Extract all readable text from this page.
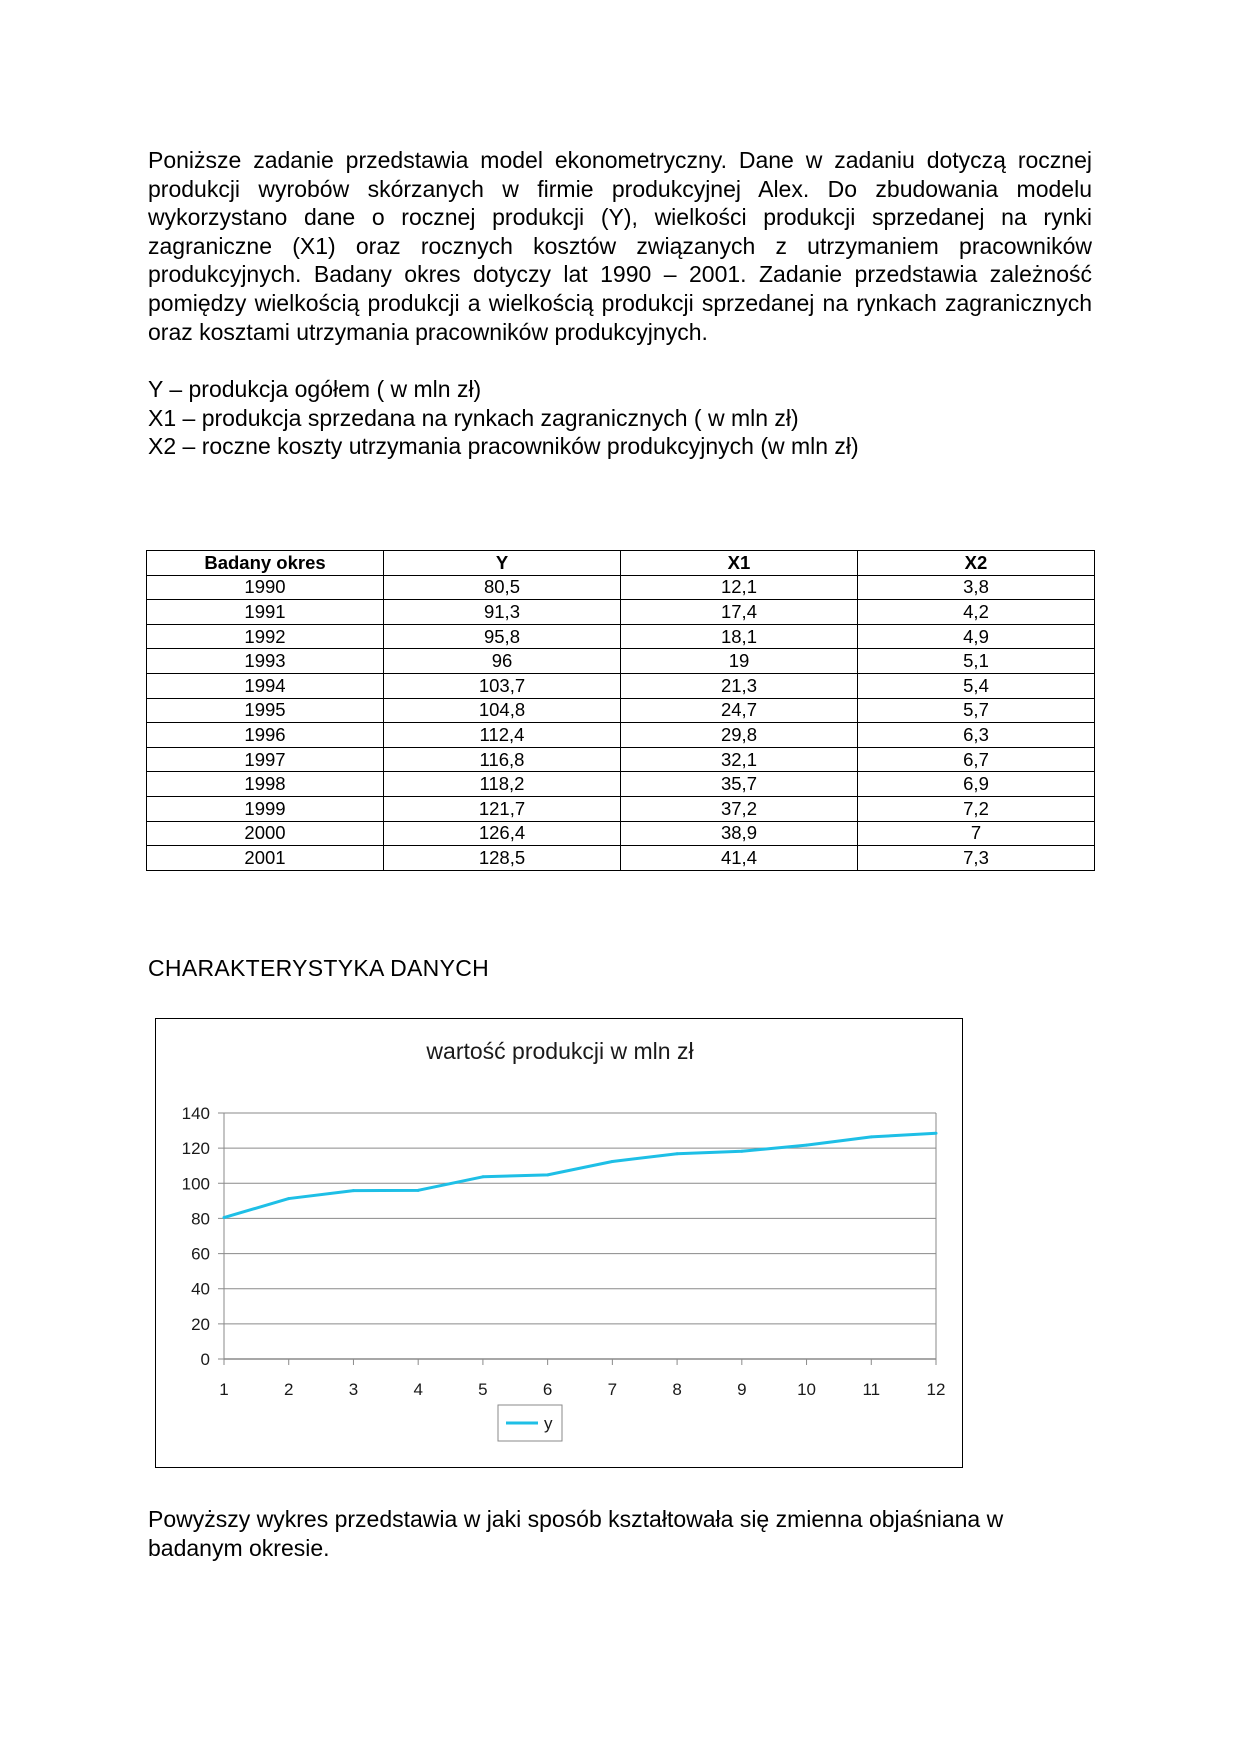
Poniższe zadanie przedstawia model ekonometryczny. Dane w zadaniu dotyczą rocznej produkcji wyrobów skórzanych w firmie produkcyjnej Alex. Do zbudowania modelu wykorzystano dane o rocznej produkcji (Y), wielkości produkcji sprzedanej na rynki zagraniczne (X1) oraz rocznych kosztów związanych z utrzymaniem pracowników produkcyjnych. Badany okres dotyczy lat 1990 – 2001. Zadanie przedstawia zależność pomiędzy wielkością produkcji a wielkością produkcji sprzedanej na rynkach zagranicznych oraz kosztami utrzymania pracowników produkcyjnych.

Y – produkcja ogółem ( w mln zł)
X1 – produkcja sprzedana na rynkach zagranicznych ( w mln zł)
X2 – roczne koszty utrzymania pracowników produkcyjnych (w mln zł)
Badany okres	Y	X1	X2
1990	80,5	12,1	3,8
1991	91,3	17,4	4,2
1992	95,8	18,1	4,9
1993	96	19	5,1
1994	103,7	21,3	5,4
1995	104,8	24,7	5,7
1996	112,4	29,8	6,3
1997	116,8	32,1	6,7
1998	118,2	35,7	6,9
1999	121,7	37,2	7,2
2000	126,4	38,9	7
2001	128,5	41,4	7,3
CHARAKTERYSTYKA DANYCH
wartość produkcji w mln zł
0
20
40
60
80
100
120
140
1	2	3	4	5	6	7	8	9	10	11	12
y

Powyższy wykres przedstawia w jaki sposób kształtowała się zmienna objaśniana w badanym okresie.
